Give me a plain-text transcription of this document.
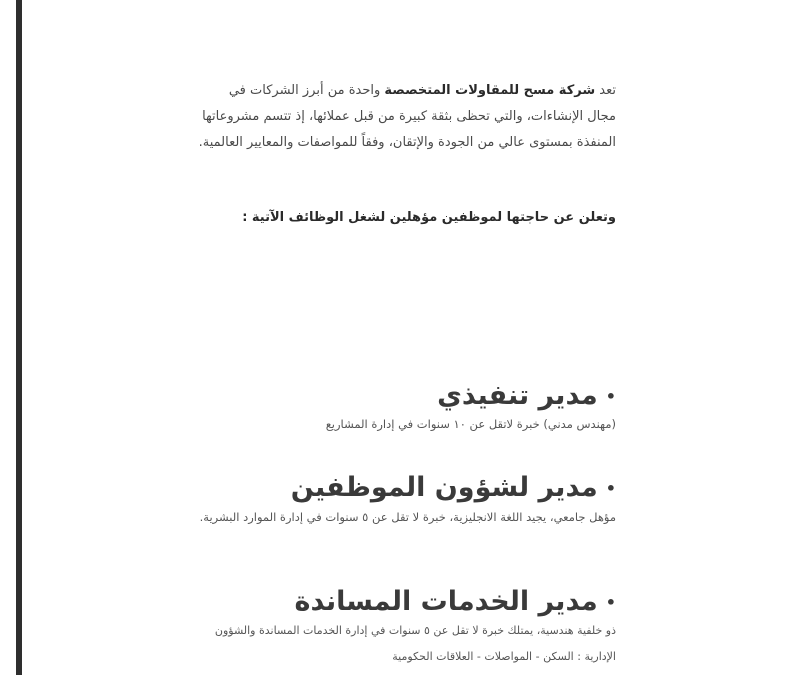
تعد شركة مسح للمقاولات المتخصصة واحدة من أبرز الشركات في مجال الإنشاءات، والتي تحظى بثقة كبيرة من قبل عملائها، إذ تتسم مشروعاتها المنفذة بمستوى عالي من الجودة والإتقان، وفقاً للمواصفات والمعايير العالمية.

وتعلن عن حاجتها لموظفين مؤهلين لشغل الوظائف الآتية :
•مدير تنفيذي
(مهندس مدني) خبرة لاتقل عن ١٠ سنوات في إدارة المشاريع
•مدير لشؤون الموظفين
مؤهل جامعي، يجيد اللغة الانجليزية، خبرة لا تقل عن ٥ سنوات في إدارة الموارد البشرية.
•مدير الخدمات المساندة
ذو خلفية هندسية، يمتلك خبرة لا تقل عن ٥ سنوات في إدارة الخدمات المساندة والشؤون الإدارية : السكن - المواصلات - العلاقات الحكومية
